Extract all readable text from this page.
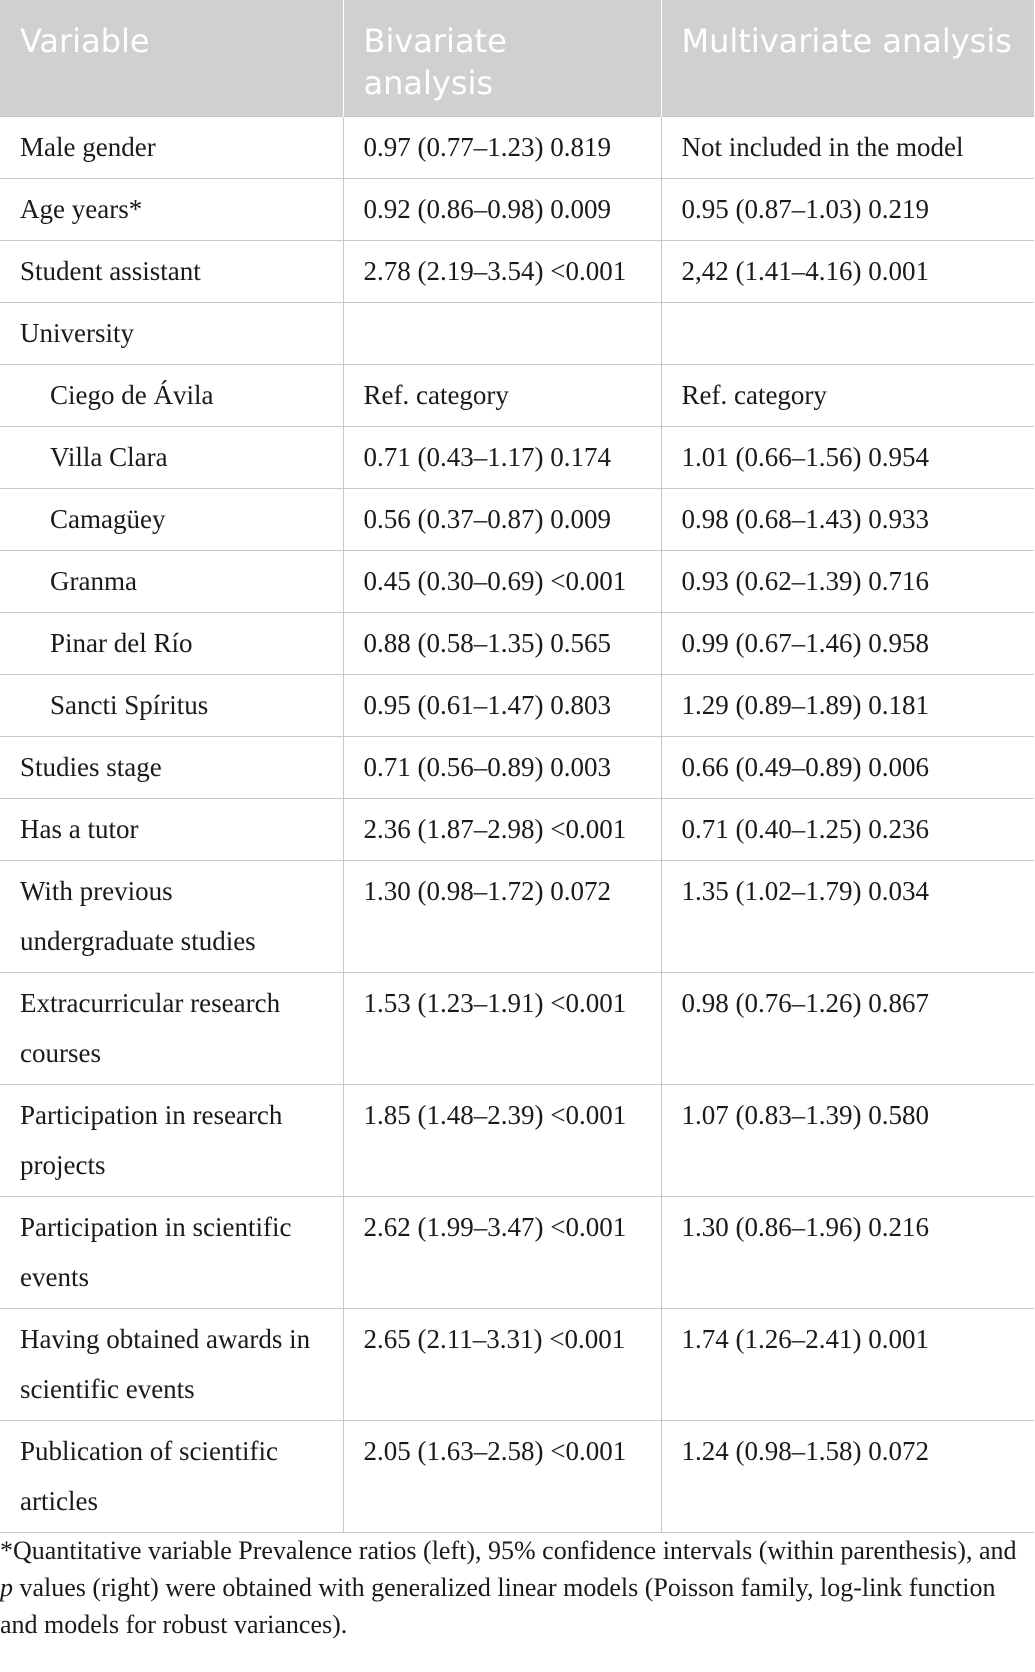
Variable	Bivariate analysis	Multivariate analysis
Male gender	0.97 (0.77–1.23) 0.819	Not included in the model
Age years*	0.92 (0.86–0.98) 0.009	0.95 (0.87–1.03) 0.219
Student assistant	2.78 (2.19–3.54) <0.001	2,42 (1.41–4.16) 0.001
University		
Ciego de Ávila	Ref. category	Ref. category
Villa Clara	0.71 (0.43–1.17) 0.174	1.01 (0.66–1.56) 0.954
Camagüey	0.56 (0.37–0.87) 0.009	0.98 (0.68–1.43) 0.933
Granma	0.45 (0.30–0.69) <0.001	0.93 (0.62–1.39) 0.716
Pinar del Río	0.88 (0.58–1.35) 0.565	0.99 (0.67–1.46) 0.958
Sancti Spíritus	0.95 (0.61–1.47) 0.803	1.29 (0.89–1.89) 0.181
Studies stage	0.71 (0.56–0.89) 0.003	0.66 (0.49–0.89) 0.006
Has a tutor	2.36 (1.87–2.98) <0.001	0.71 (0.40–1.25) 0.236
With previous undergraduate studies	1.30 (0.98–1.72) 0.072	1.35 (1.02–1.79) 0.034
Extracurricular research courses	1.53 (1.23–1.91) <0.001	0.98 (0.76–1.26) 0.867
Participation in research projects	1.85 (1.48–2.39) <0.001	1.07 (0.83–1.39) 0.580
Participation in scientific events	2.62 (1.99–3.47) <0.001	1.30 (0.86–1.96) 0.216
Having obtained awards in scientific events	2.65 (2.11–3.31) <0.001	1.74 (1.26–2.41) 0.001
Publication of scientific articles	2.05 (1.63–2.58) <0.001	1.24 (0.98–1.58) 0.072
*Quantitative variable Prevalence ratios (left), 95% confidence intervals (within parenthesis), and p values (right) were obtained with generalized linear models (Poisson family, log-link function and models for robust variances).
